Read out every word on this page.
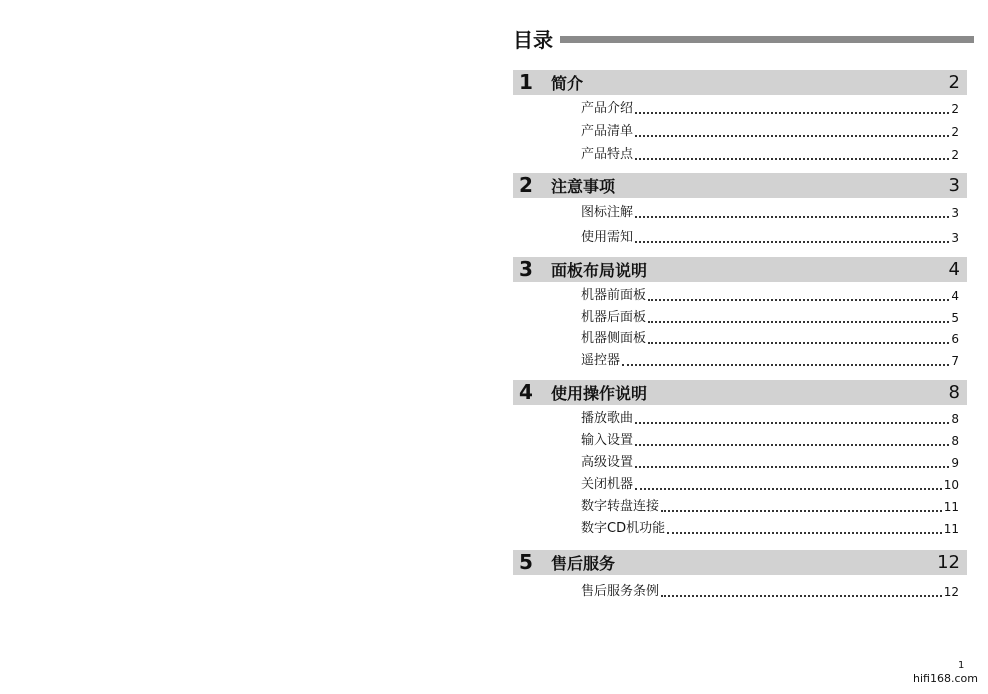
目录
1 简介	2
产品介绍	2
产品清单	2
产品特点	2
2 注意事项	3
图标注解	3
使用需知	3
3 面板布局说明	4
机器前面板	4
机器后面板	5
机器侧面板	6
遥控器	7
4 使用操作说明	8
播放歌曲	8
输入设置	8
高级设置	9
关闭机器	10
数字转盘连接	11
数字CD机功能	11
5 售后服务	12
售后服务条例	12
1
hifi168.com
